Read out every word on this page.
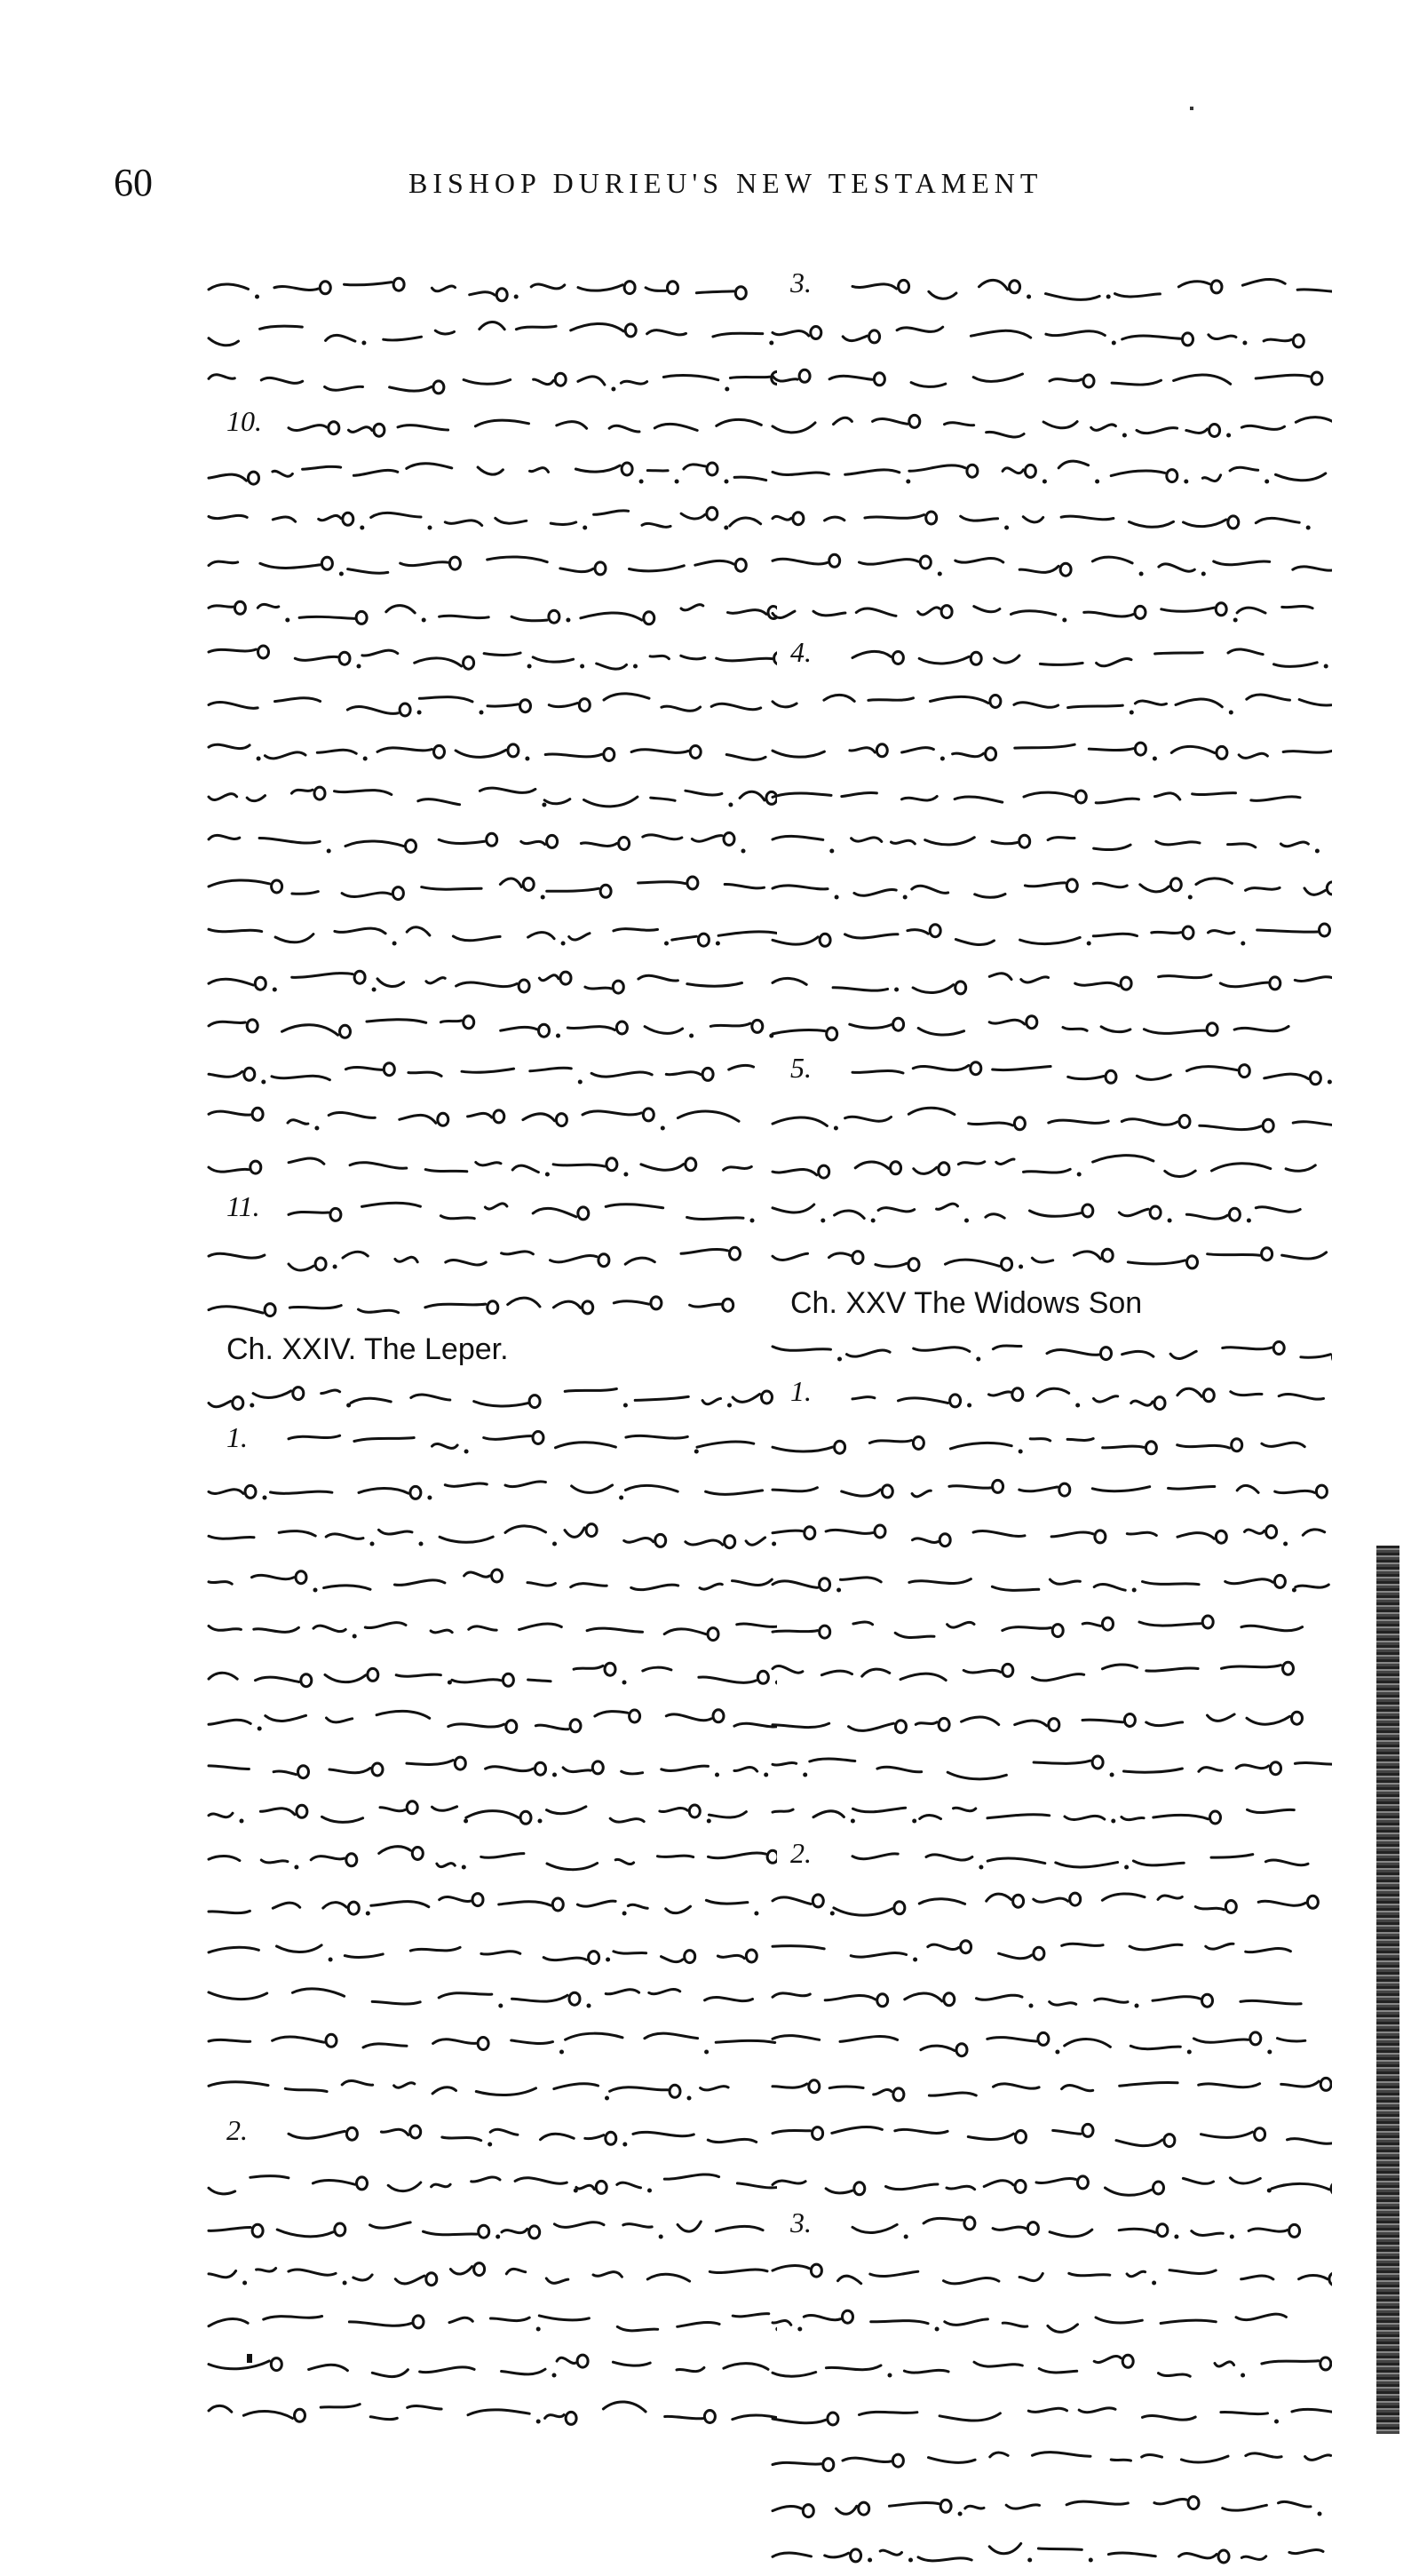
60	BISHOP DURIEU'S NEW TESTAMENT
10.
11.
Ch. XXIV. The Leper.
1.
2.
3.
4.
5.
Ch. XXV The Widows Son
1.
2.
3.
